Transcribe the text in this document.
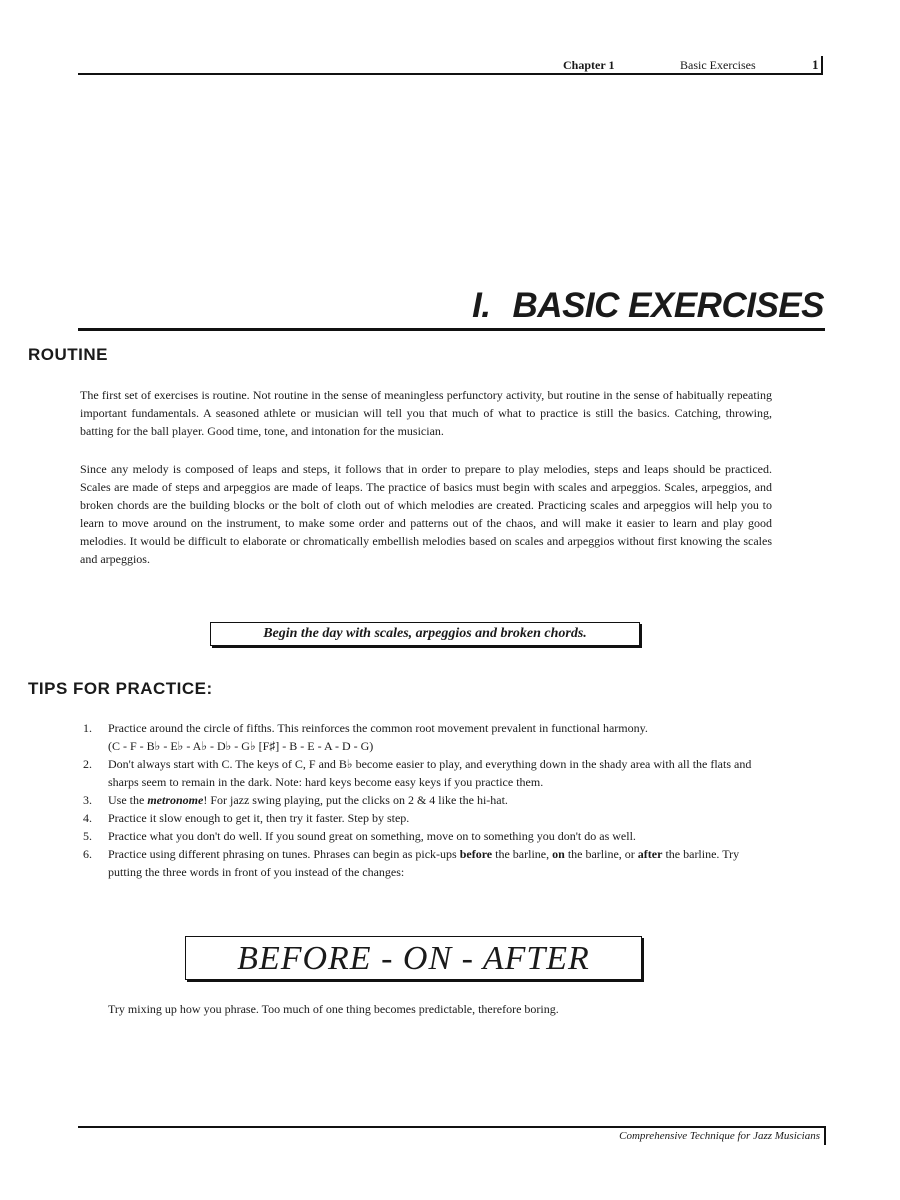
Chapter 1	Basic Exercises	1
I. BASIC EXERCISES
ROUTINE

The first set of exercises is routine. Not routine in the sense of meaningless perfunctory activity, but routine in the sense of habitually repeating important fundamentals. A seasoned athlete or musician will tell you that much of what to practice is still the basics. Catching, throwing, batting for the ball player. Good time, tone, and intonation for the musician.

Since any melody is composed of leaps and steps, it follows that in order to prepare to play melodies, steps and leaps should be practiced. Scales are made of steps and arpeggios are made of leaps. The practice of basics must begin with scales and arpeggios. Scales, arpeggios, and broken chords are the building blocks or the bolt of cloth out of which melodies are created. Practicing scales and arpeggios will help you to learn to move around on the instrument, to make some order and patterns out of the chaos, and will make it easier to learn and play good melodies. It would be difficult to elaborate or chromatically embellish melodies based on scales and arpeggios without first knowing the scales and arpeggios.

Begin the day with scales, arpeggios and broken chords.
TIPS FOR PRACTICE:
1. Practice around the circle of fifths. This reinforces the common root movement prevalent in functional harmony.
(C - F - B♭ - E♭ - A♭ - D♭ - G♭ [F♯] - B - E - A - D - G)
2. Don't always start with C. The keys of C, F and B♭ become easier to play, and everything down in the shady area with all the flats and sharps seem to remain in the dark. Note: hard keys become easy keys if you practice them.
3. Use the metronome! For jazz swing playing, put the clicks on 2 & 4 like the hi-hat.
4. Practice it slow enough to get it, then try it faster. Step by step.
5. Practice what you don't do well. If you sound great on something, move on to something you don't do as well.
6. Practice using different phrasing on tunes. Phrases can begin as pick-ups before the barline, on the barline, or after the barline. Try putting the three words in front of you instead of the changes:
BEFORE - ON - AFTER
Try mixing up how you phrase. Too much of one thing becomes predictable, therefore boring.
Comprehensive Technique for Jazz Musicians
